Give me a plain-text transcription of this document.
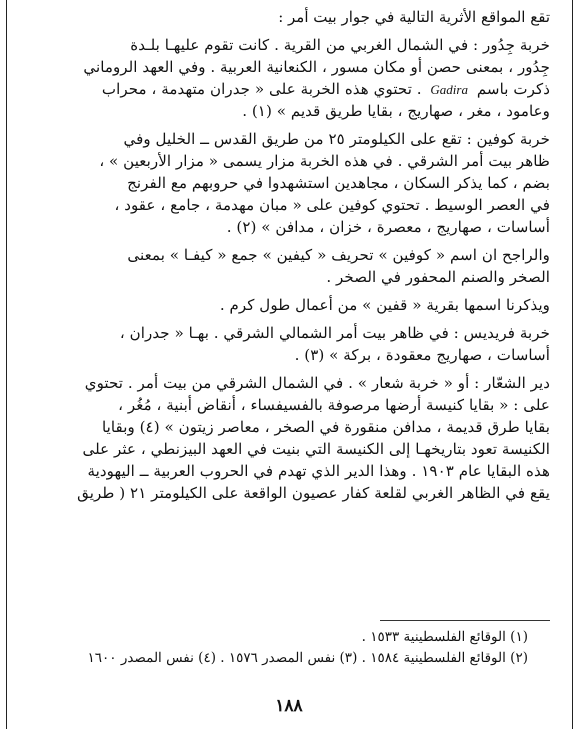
تقع المواقع الأثرية التالية في جوار بيت أمر :
خربة جِدُور : في الشمال الغربي من القرية . كانت تقوم عليهـا بلـدة
جِدُور ، بمعنى حصن أو مكان مسور ، الكنعانية العربية . وفي العهد الروماني
ذكرت باسم Gadira . تحتوي هذه الخربة على « جدران متهدمة ، محراب
وعامود ، مغر ، صهاريج ، بقايا طريق قديم » (١) .
خربة كوفين : تقع على الكيلومتر ٢٥ من طريق القدس ــ الخليل وفي
ظاهر بيت أمر الشرقي . في هذه الخربة مزار يسمى « مزار الأربعين » ،
بضم ، كما يذكر السكان ، مجاهدين استشهدوا في حروبهم مع الفرنج
في العصر الوسيط . تحتوي كوفين على « مبان مهدمة ، جامع ، عقود ،
أساسات ، صهاريج ، معصرة ، خزان ، مدافن » (٢) .
والراجح ان اسم « كوفين » تحريف « كيفين » جمع « كيفـا » بمعنى
الصخر والصنم المحفور في الصخر .
ويذكرنا اسمها بقرية « قفين » من أعمال طول كرم .
خربة فريديس : في ظاهر بيت أمر الشمالي الشرقي . بهـا « جدران ،
أساسات ، صهاريج معقودة ، بركة » (٣) .
دير الشعّار : أو « خربة شعار » . في الشمال الشرقي من بيت أمر . تحتوي
على : « بقايا كنيسة أرضها مرصوفة بالفسيفساء ، أنقاض أبنية ، مُغُر ،
بقايا طرق قديمة ، مدافن منقورة في الصخر ، معاصر زيتون » (٤) وبقايا
الكنيسة تعود بتاريخهـا إلى الكنيسة التي بنيت في العهد البيزنطي ، عثر على
هذه البقايا عام ١٩٠٣ . وهذا الدير الذي تهدم في الحروب العربية ــ اليهودية
يقع في الظاهر الغربي لقلعة كفار عصيون الواقعة على الكيلومتر ٢١ ( طريق
(١) الوقائع الفلسطينية ١٥٣٣ .
(٢) الوقائع الفلسطينية ١٥٨٤ . (٣) نفس المصدر ١٥٧٦ . (٤) نفس المصدر ١٦٠٠
١٨٨
